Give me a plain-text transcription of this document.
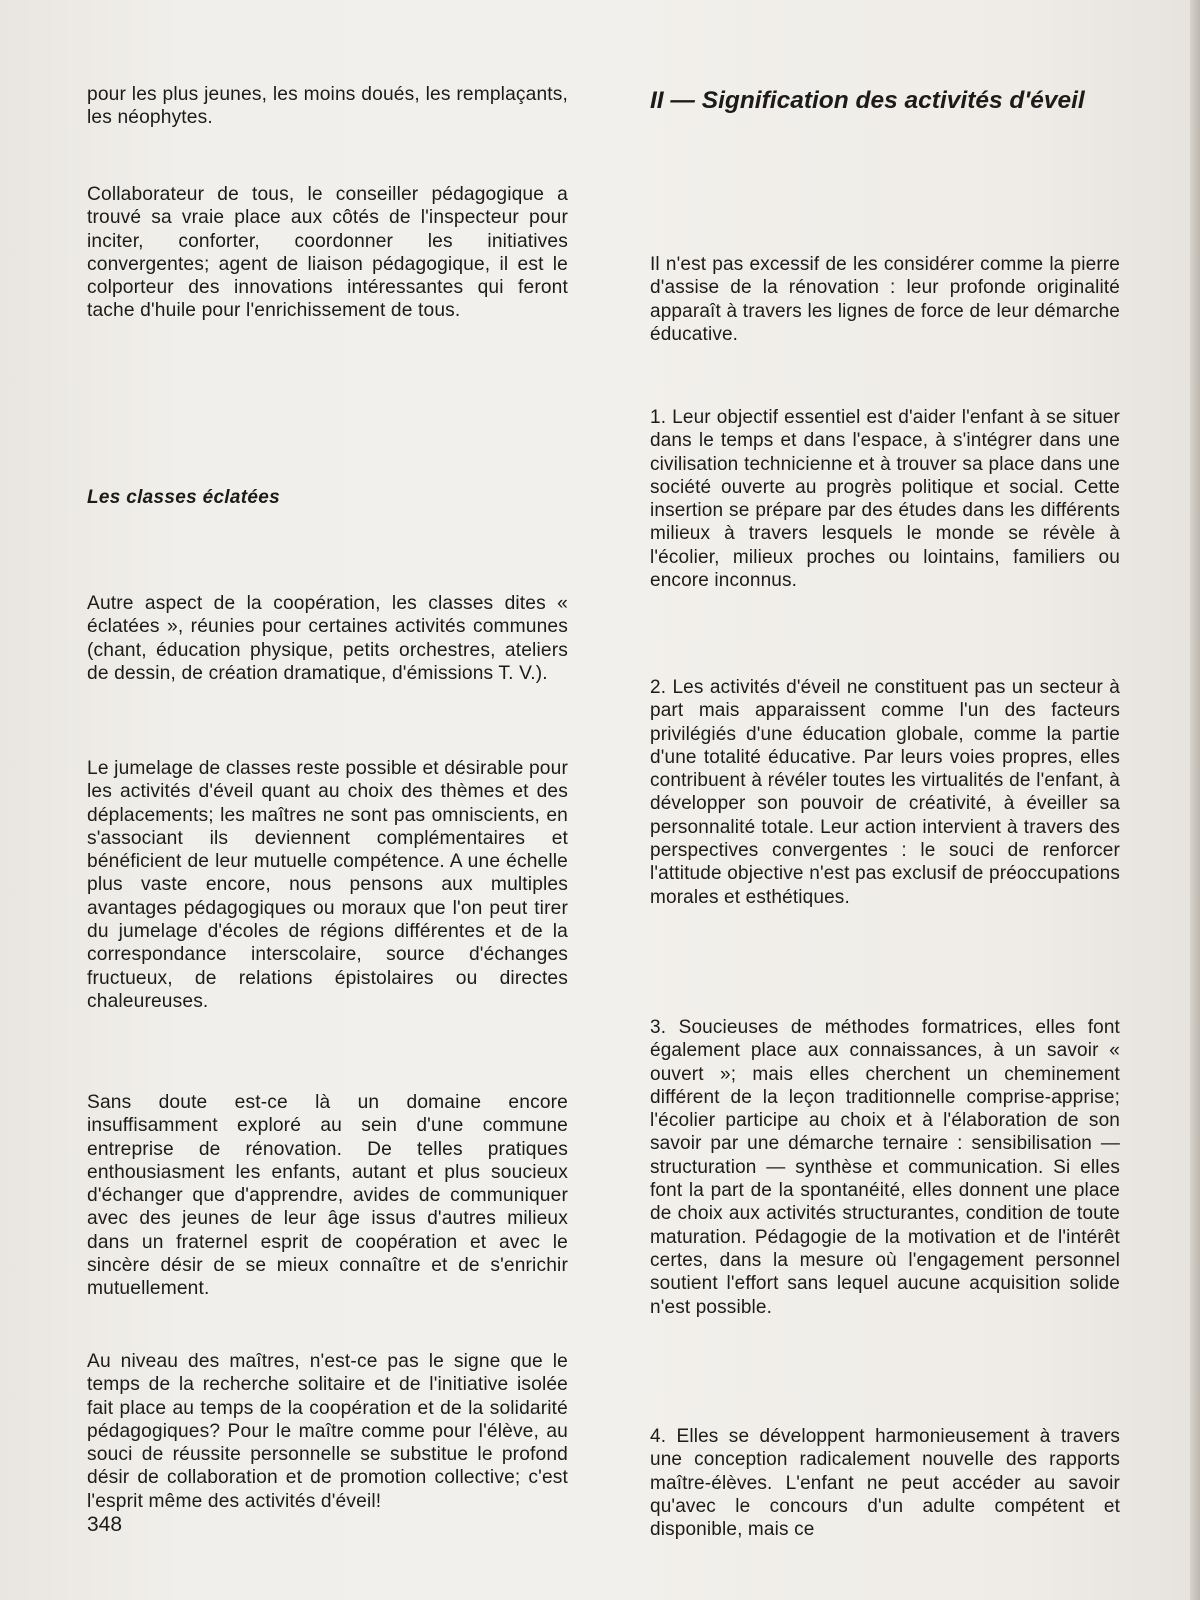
pour les plus jeunes, les moins doués, les remplaçants, les néophytes.

Collaborateur de tous, le conseiller pédagogique a trouvé sa vraie place aux côtés de l'inspecteur pour inciter, conforter, coordonner les initiatives convergentes; agent de liaison pédagogique, il est le colporteur des innovations intéressantes qui feront tache d'huile pour l'enrichissement de tous.

Les classes éclatées

Autre aspect de la coopération, les classes dites « éclatées », réunies pour certaines activités communes (chant, éducation physique, petits orchestres, ateliers de dessin, de création dramatique, d'émissions T. V.).

Le jumelage de classes reste possible et désirable pour les activités d'éveil quant au choix des thèmes et des déplacements; les maîtres ne sont pas omniscients, en s'associant ils deviennent complémentaires et bénéficient de leur mutuelle compétence. A une échelle plus vaste encore, nous pensons aux multiples avantages pédagogiques ou moraux que l'on peut tirer du jumelage d'écoles de régions différentes et de la correspondance interscolaire, source d'échanges fructueux, de relations épistolaires ou directes chaleureuses.

Sans doute est-ce là un domaine encore insuffisamment exploré au sein d'une commune entreprise de rénovation. De telles pratiques enthousiasment les enfants, autant et plus soucieux d'échanger que d'apprendre, avides de communiquer avec des jeunes de leur âge issus d'autres milieux dans un fraternel esprit de coopération et avec le sincère désir de se mieux connaître et de s'enrichir mutuellement.

Au niveau des maîtres, n'est-ce pas le signe que le temps de la recherche solitaire et de l'initiative isolée fait place au temps de la coopération et de la solidarité pédagogiques? Pour le maître comme pour l'élève, au souci de réussite personnelle se substitue le profond désir de collaboration et de promotion collective; c'est l'esprit même des activités d'éveil!

II — Signification des activités d'éveil

Il n'est pas excessif de les considérer comme la pierre d'assise de la rénovation : leur profonde originalité apparaît à travers les lignes de force de leur démarche éducative.

1. Leur objectif essentiel est d'aider l'enfant à se situer dans le temps et dans l'espace, à s'intégrer dans une civilisation technicienne et à trouver sa place dans une société ouverte au progrès politique et social. Cette insertion se prépare par des études dans les différents milieux à travers lesquels le monde se révèle à l'écolier, milieux proches ou lointains, familiers ou encore inconnus.

2. Les activités d'éveil ne constituent pas un secteur à part mais apparaissent comme l'un des facteurs privilégiés d'une éducation globale, comme la partie d'une totalité éducative. Par leurs voies propres, elles contribuent à révéler toutes les virtualités de l'enfant, à développer son pouvoir de créativité, à éveiller sa personnalité totale. Leur action intervient à travers des perspectives convergentes : le souci de renforcer l'attitude objective n'est pas exclusif de préoccupations morales et esthétiques.

3. Soucieuses de méthodes formatrices, elles font également place aux connaissances, à un savoir « ouvert »; mais elles cherchent un cheminement différent de la leçon traditionnelle comprise-apprise; l'écolier participe au choix et à l'élaboration de son savoir par une démarche ternaire : sensibilisation — structuration — synthèse et communication. Si elles font la part de la spontanéité, elles donnent une place de choix aux activités structurantes, condition de toute maturation. Pédagogie de la motivation et de l'intérêt certes, dans la mesure où l'engagement personnel soutient l'effort sans lequel aucune acquisition solide n'est possible.

4. Elles se développent harmonieusement à travers une conception radicalement nouvelle des rapports maître-élèves. L'enfant ne peut accéder au savoir qu'avec le concours d'un adulte compétent et disponible, mais ce

348
